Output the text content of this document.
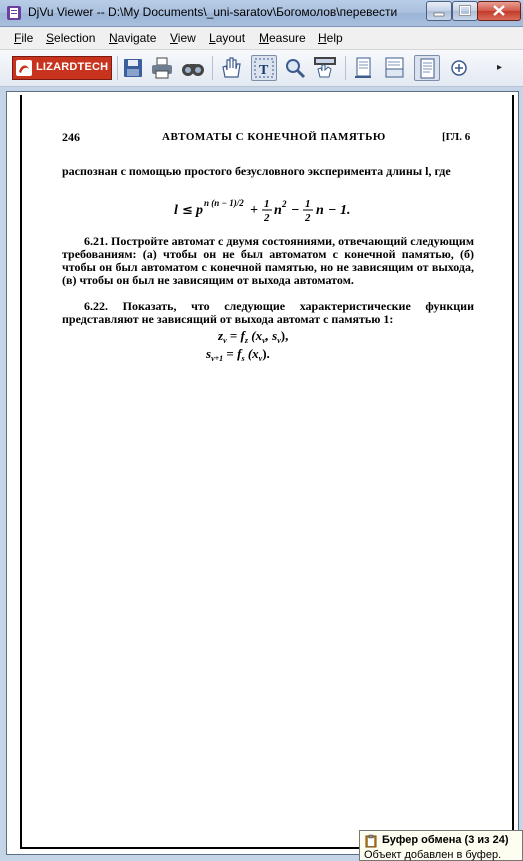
DjVu Viewer -- D:\My Documents\_uni-saratov\Богомолов\перевести
File Selection Navigate View Layout Measure Help
LIZARDTECH	T	▸
246	АВТОМАТЫ С КОНЕЧНОЙ ПАМЯТЬЮ	[ГЛ. 6
распознан с помощью простого безусловного эксперимента длины l, где
l ≤ p n (n − 1)/2 + 1
2 n 2 − 1
2 n − 1.
6.21. Постройте автомат с двумя состояниями, отвечающий следующим требованиям: (а) чтобы он не был автоматом с конечной памятью, (б) чтобы он был автоматом с конечной памятью, но не зависящим от выхода, (в) чтобы он был не зависящим от выхода автоматом.
6.22. Показать, что следующие характеристические функции представляют не зависящий от выхода автомат с памятью 1:
$z_\nu = f_z$ ($x_\nu$, $s_\nu$),
$s_{\nu+1} = f_s$ $(x_\nu)$.
Буфер обмена (3 из 24)
Объект добавлен в буфер.
